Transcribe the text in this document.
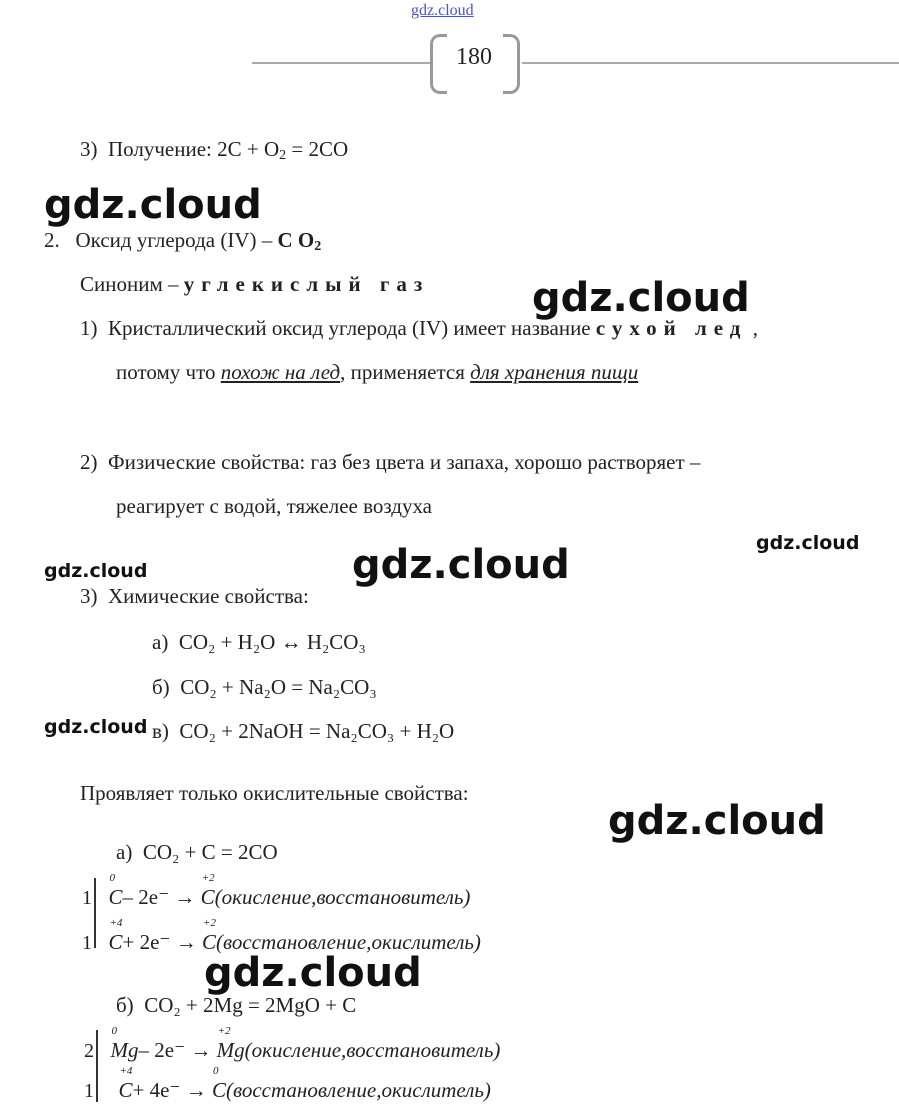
gdz.cloud
180
3) Получение: $2C + O_2 = 2CO$
gdz.cloud
2. Оксид углерода (IV) – C $O_2$
Синоним – углекислый газ	gdz.cloud
1) Кристаллический оксид углерода (IV) имеет название сухой лед ,
потому что похож на лед, применяется для хранения пищи
2) Физические свойства: газ без цвета и запаха, хорошо растворяет –
реагирует с водой, тяжелее воздуха
gdz.cloud
gdz.cloud
gdz.cloud
3) Химические свойства:
а) CO₂ + H₂O ↔ H₂CO₃
б) CO₂ + Na₂O = Na₂CO₃
gdz.cloud в) CO₂ + 2NaOH = Na₂CO₃ + H₂O
Проявляет только окислительные свойства:
gdz.cloud
а) CO₂ + C = 2CO
1
0
C– 2e⁻ →
+2
C(окисление,восстановитель)
1
+4
C+ 2e⁻ →
+2
C(восстановление,окислитель)
gdz.cloud
б) CO₂ + 2Mg = 2MgO + C
2
0
Mg– 2e⁻ →
+2
Mg(окисление,восстановитель)
1
+4
C+ 4e⁻ →
0
C(восстановление,окислитель)
